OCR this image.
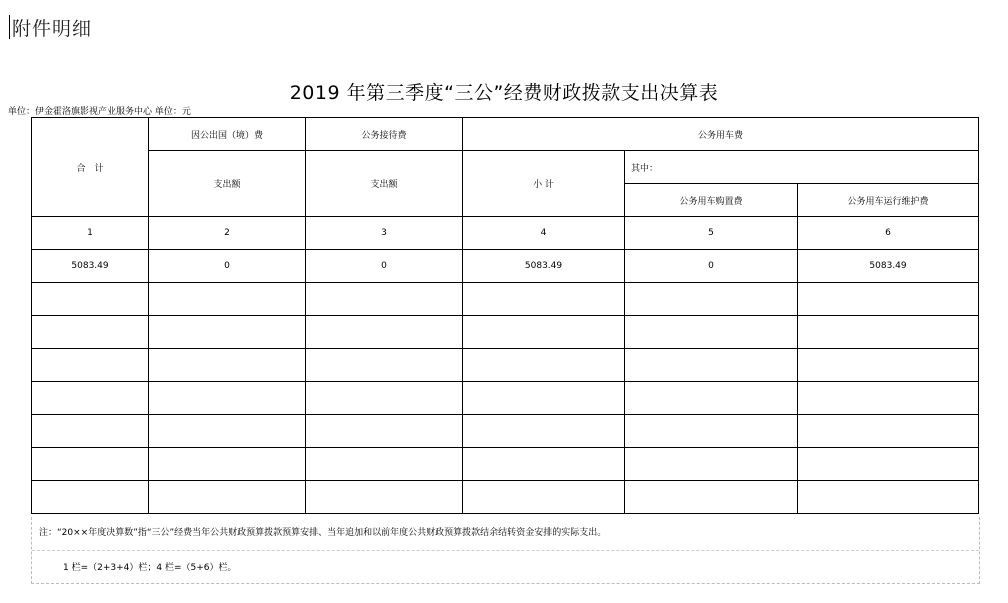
附件明细
2019 年第三季度“三公”经费财政拨款支出决算表
单位：伊金霍洛旗影视产业服务中心 单位：元
合　计	因公出国（境）费	公务接待费	公务用车费		
	支出额	支出额	小 计	其中：	
				公务用车购置费	公务用车运行维护费
1	2	3	4	5	6
5083.49	0	0	5083.49	0	5083.49

注：“20××年度决算数”指“三公”经费当年公共财政预算拨款预算安排、当年追加和以前年度公共财政预算拨款结余结转资金安排的实际支出。
1 栏=（2+3+4）栏；4 栏=（5+6）栏。
